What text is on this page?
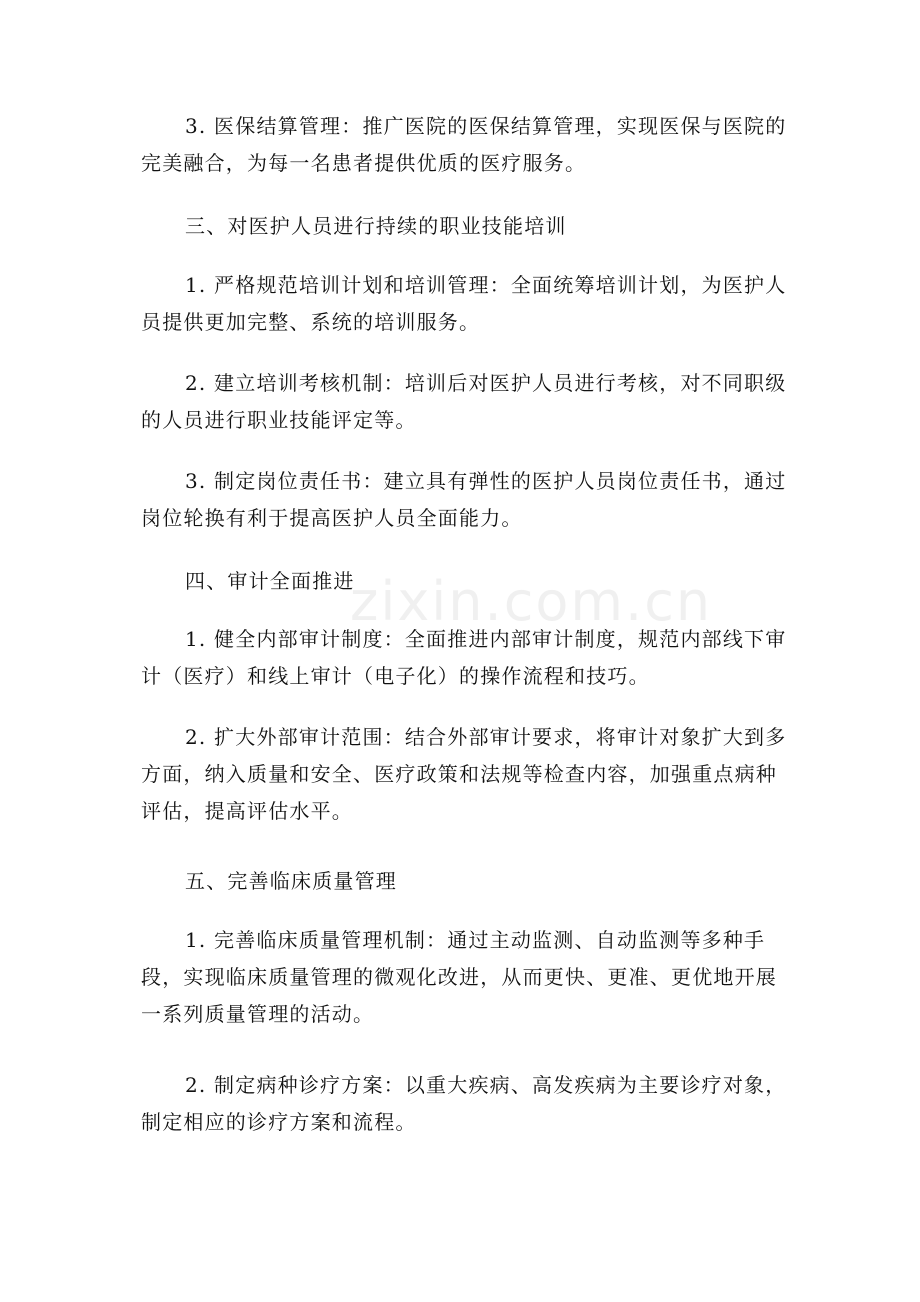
zixin.com.cn

3. 医保结算管理：推广医院的医保结算管理，实现医保与医院的完美融合，为每一名患者提供优质的医疗服务。

三、对医护人员进行持续的职业技能培训

1. 严格规范培训计划和培训管理：全面统筹培训计划，为医护人员提供更加完整、系统的培训服务。

2. 建立培训考核机制：培训后对医护人员进行考核，对不同职级的人员进行职业技能评定等。

3. 制定岗位责任书：建立具有弹性的医护人员岗位责任书，通过岗位轮换有利于提高医护人员全面能力。

四、审计全面推进

1. 健全内部审计制度：全面推进内部审计制度，规范内部线下审计（医疗）和线上审计（电子化）的操作流程和技巧。

2. 扩大外部审计范围：结合外部审计要求，将审计对象扩大到多方面，纳入质量和安全、医疗政策和法规等检查内容，加强重点病种评估，提高评估水平。

五、完善临床质量管理

1. 完善临床质量管理机制：通过主动监测、自动监测等多种手段，实现临床质量管理的微观化改进，从而更快、更准、更优地开展一系列质量管理的活动。

2. 制定病种诊疗方案：以重大疾病、高发疾病为主要诊疗对象，制定相应的诊疗方案和流程。
